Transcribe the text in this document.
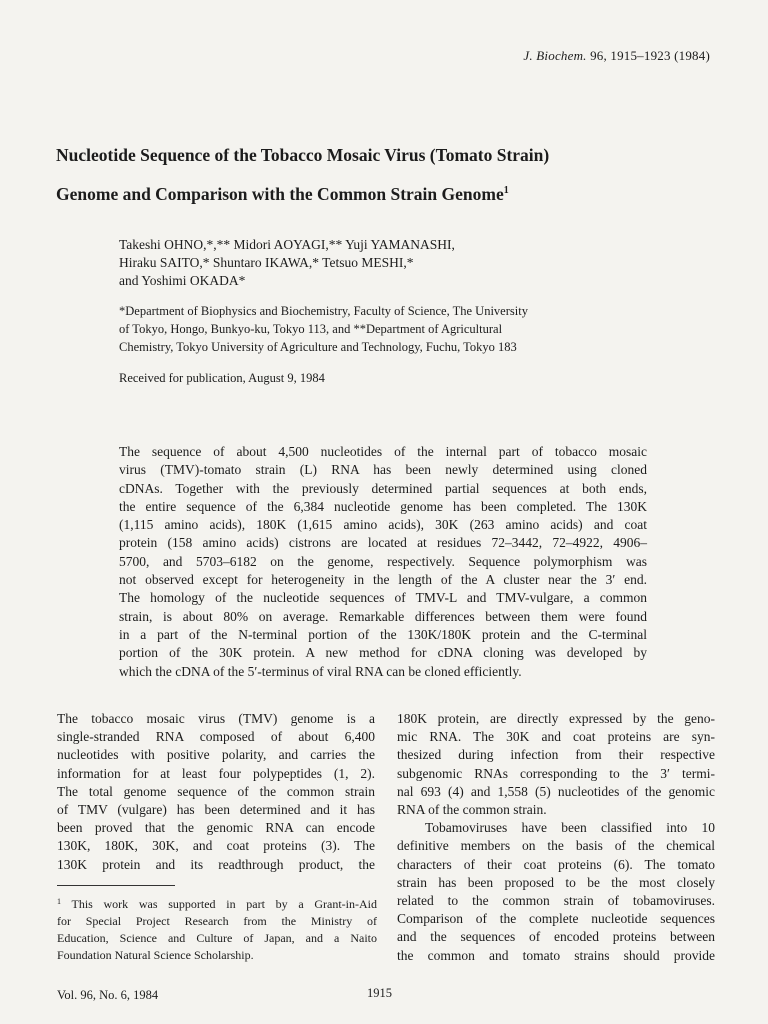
J. Biochem. 96, 1915–1923 (1984)
Nucleotide Sequence of the Tobacco Mosaic Virus (Tomato Strain)
Genome and Comparison with the Common Strain Genome$^1$
Takeshi OHNO,*,** Midori AOYAGI,** Yuji YAMANASHI,
Hiraku SAITO,* Shuntaro IKAWA,* Tetsuo MESHI,*
and Yoshimi OKADA*
*Department of Biophysics and Biochemistry, Faculty of Science, The University
of Tokyo, Hongo, Bunkyo-ku, Tokyo 113, and **Department of Agricultural
Chemistry, Tokyo University of Agriculture and Technology, Fuchu, Tokyo 183
Received for publication, August 9, 1984
The sequence of about 4,500 nucleotides of the internal part of tobacco mosaic
virus (TMV)-tomato strain (L) RNA has been newly determined using cloned
cDNAs. Together with the previously determined partial sequences at both ends,
the entire sequence of the 6,384 nucleotide genome has been completed. The 130K
(1,115 amino acids), 180K (1,615 amino acids), 30K (263 amino acids) and coat
protein (158 amino acids) cistrons are located at residues 72–3442, 72–4922, 4906–
5700, and 5703–6182 on the genome, respectively. Sequence polymorphism was
not observed except for heterogeneity in the length of the A cluster near the 3′ end.
The homology of the nucleotide sequences of TMV-L and TMV-vulgare, a common
strain, is about 80% on average. Remarkable differences between them were found
in a part of the N-terminal portion of the 130K/180K protein and the C-terminal
portion of the 30K protein. A new method for cDNA cloning was developed by
which the cDNA of the 5′-terminus of viral RNA can be cloned efficiently.
The tobacco mosaic virus (TMV) genome is a
single-stranded RNA composed of about 6,400
nucleotides with positive polarity, and carries the
information for at least four polypeptides (1, 2).
The total genome sequence of the common strain
of TMV (vulgare) has been determined and it has
been proved that the genomic RNA can encode
130K, 180K, 30K, and coat proteins (3). The
130K protein and its readthrough product, the
$^1$ This work was supported in part by a Grant-in-Aid
for Special Project Research from the Ministry of
Education, Science and Culture of Japan, and a Naito
Foundation Natural Science Scholarship.
180K protein, are directly expressed by the geno-
mic RNA. The 30K and coat proteins are syn-
thesized during infection from their respective
subgenomic RNAs corresponding to the 3′ termi-
nal 693 (4) and 1,558 (5) nucleotides of the genomic
RNA of the common strain.
Tobamoviruses have been classified into 10
definitive members on the basis of the chemical
characters of their coat proteins (6). The tomato
strain has been proposed to be the most closely
related to the common strain of tobamoviruses.
Comparison of the complete nucleotide sequences
and the sequences of encoded proteins between
the common and tomato strains should provide
Vol. 96, No. 6, 1984	1915
